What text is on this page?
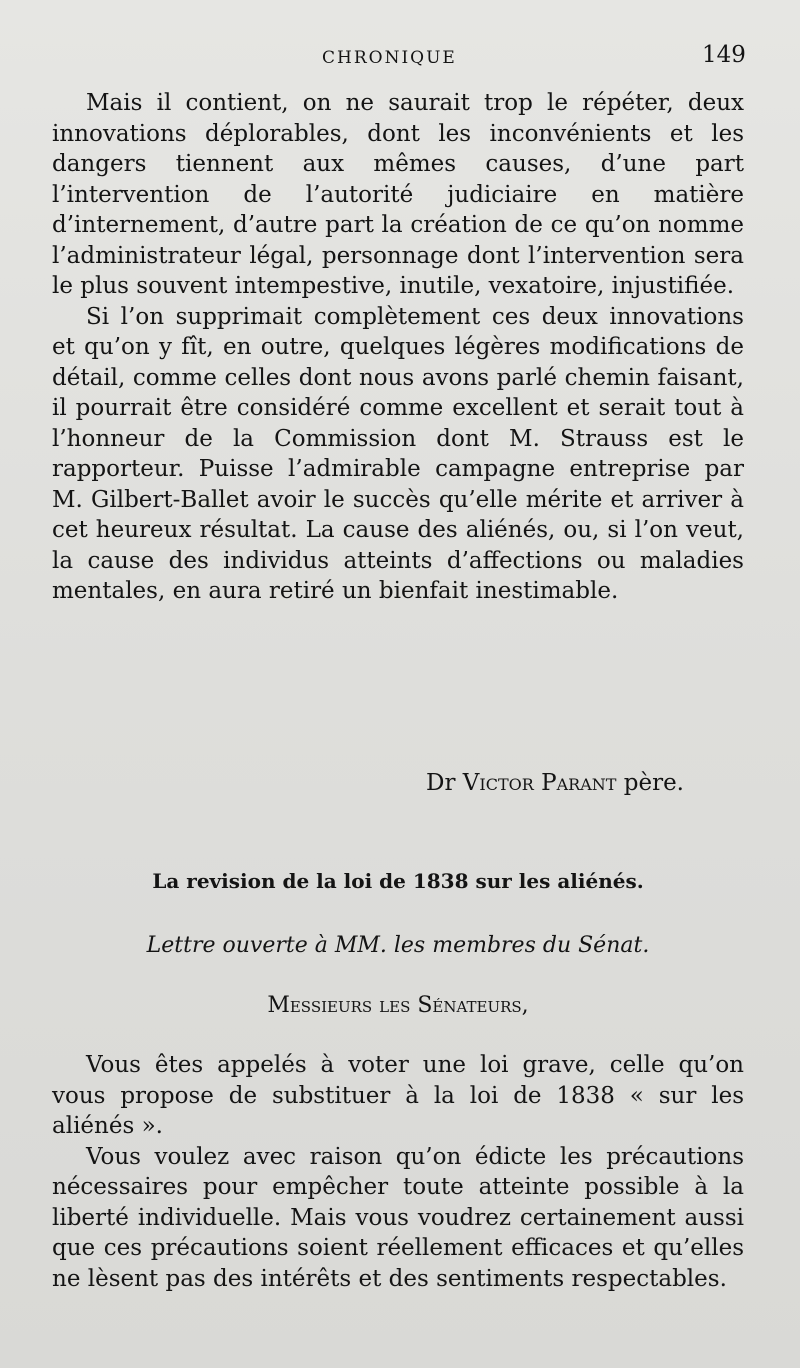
CHRONIQUE	149

Mais il contient, on ne saurait trop le répéter, deux innovations déplorables, dont les inconvénients et les dangers tiennent aux mêmes causes, d’une part l’intervention de l’autorité judiciaire en matière d’internement, d’autre part la création de ce qu’on nomme l’administrateur légal, personnage dont l’intervention sera le plus souvent intempestive, inutile, vexatoire, injustifiée.

Si l’on supprimait complètement ces deux innovations et qu’on y fît, en outre, quelques légères modifications de détail, comme celles dont nous avons parlé chemin faisant, il pourrait être considéré comme excellent et serait tout à l’honneur de la Commission dont M. Strauss est le rapporteur. Puisse l’admirable campagne entreprise par M. Gilbert-Ballet avoir le succès qu’elle mérite et arriver à cet heureux résultat. La cause des aliénés, ou, si l’on veut, la cause des individus atteints d’affections ou maladies mentales, en aura retiré un bienfait inestimable.

Dr Victor Parant père.
La revision de la loi de 1838 sur les aliénés.
Lettre ouverte à MM. les membres du Sénat.
Messieurs les Sénateurs,

Vous êtes appelés à voter une loi grave, celle qu’on vous propose de substituer à la loi de 1838 « sur les aliénés ».

Vous voulez avec raison qu’on édicte les précautions nécessaires pour empêcher toute atteinte possible à la liberté individuelle. Mais vous voudrez certainement aussi que ces précautions soient réellement efficaces et qu’elles ne lèsent pas des intérêts et des sentiments respectables.
